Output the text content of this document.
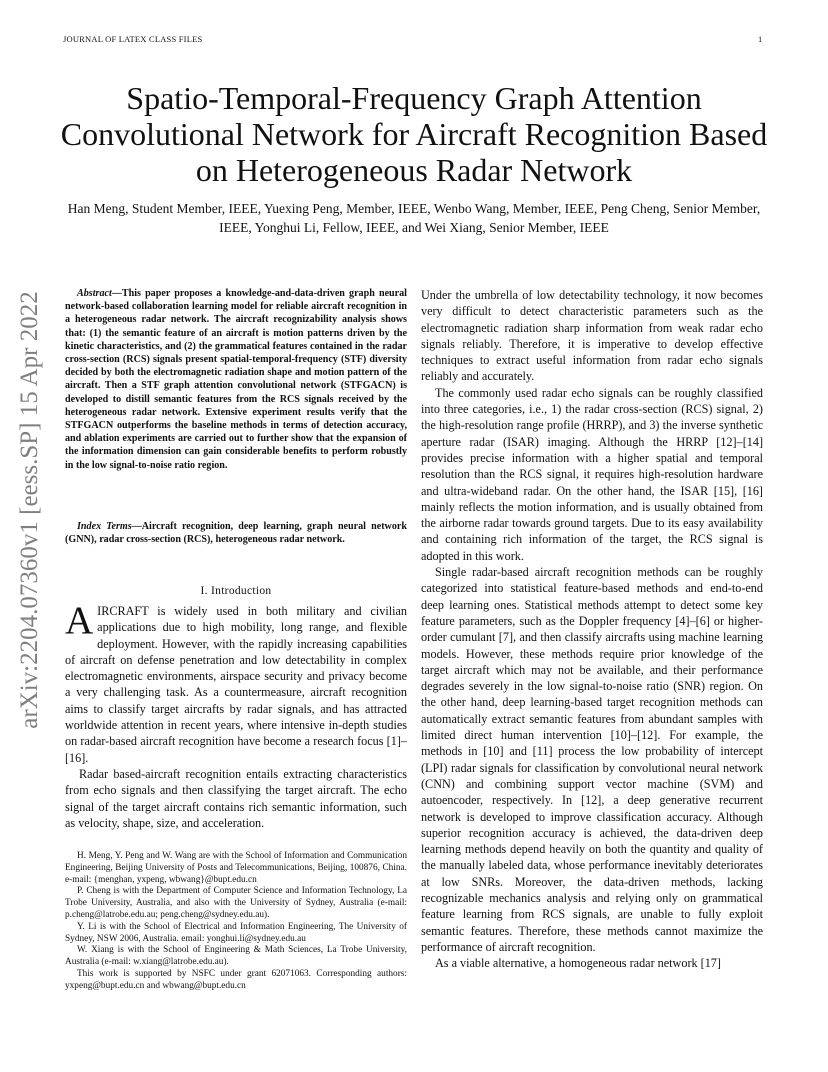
JOURNAL OF LATEX CLASS FILES	1
arXiv:2204.07360v1 [eess.SP] 15 Apr 2022
Spatio-Temporal-Frequency Graph Attention Convolutional Network for Aircraft Recognition Based on Heterogeneous Radar Network
Han Meng, Student Member, IEEE, Yuexing Peng, Member, IEEE, Wenbo Wang, Member, IEEE, Peng Cheng, Senior Member, IEEE, Yonghui Li, Fellow, IEEE, and Wei Xiang, Senior Member, IEEE
Abstract—This paper proposes a knowledge-and-data-driven graph neural network-based collaboration learning model for reliable aircraft recognition in a heterogeneous radar network. The aircraft recognizability analysis shows that: (1) the semantic feature of an aircraft is motion patterns driven by the kinetic characteristics, and (2) the grammatical features contained in the radar cross-section (RCS) signals present spatial-temporal-frequency (STF) diversity decided by both the electromagnetic radiation shape and motion pattern of the aircraft. Then a STF graph attention convolutional network (STFGACN) is developed to distill semantic features from the RCS signals received by the heterogeneous radar network. Extensive experiment results verify that the STFGACN outperforms the baseline methods in terms of detection accuracy, and ablation experiments are carried out to further show that the expansion of the information dimension can gain considerable benefits to perform robustly in the low signal-to-noise ratio region.
Index Terms—Aircraft recognition, deep learning, graph neural network (GNN), radar cross-section (RCS), heterogeneous radar network.
I. Introduction

AIRCRAFT is widely used in both military and civilian applications due to high mobility, long range, and flexible deployment. However, with the rapidly increasing capabilities of aircraft on defense penetration and low detectability in complex electromagnetic environments, airspace security and privacy become a very challenging task. As a countermeasure, aircraft recognition aims to classify target aircrafts by radar signals, and has attracted worldwide attention in recent years, where intensive in-depth studies on radar-based aircraft recognition have become a research focus [1]–[16].

Radar based-aircraft recognition entails extracting characteristics from echo signals and then classifying the target aircraft. The echo signal of the target aircraft contains rich semantic information, such as velocity, shape, size, and acceleration.

H. Meng, Y. Peng and W. Wang are with the School of Information and Communication Engineering, Beijing University of Posts and Telecommunications, Beijing, 100876, China. e-mail: {menghan, yxpeng, wbwang}@bupt.edu.cn

P. Cheng is with the Department of Computer Science and Information Technology, La Trobe University, Australia, and also with the University of Sydney, Australia (e-mail: p.cheng@latrobe.edu.au; peng.cheng@sydney.edu.au).

Y. Li is with the School of Electrical and Information Engineering, The University of Sydney, NSW 2006, Australia. email: yonghui.li@sydney.edu.au

W. Xiang is with the School of Engineering & Math Sciences, La Trobe University, Australia (e-mail: w.xiang@latrobe.edu.au).

This work is supported by NSFC under grant 62071063. Corresponding authors: yxpeng@bupt.edu.cn and wbwang@bupt.edu.cn

Under the umbrella of low detectability technology, it now becomes very difficult to detect characteristic parameters such as the electromagnetic radiation sharp information from weak radar echo signals reliably. Therefore, it is imperative to develop effective techniques to extract useful information from radar echo signals reliably and accurately.

The commonly used radar echo signals can be roughly classified into three categories, i.e., 1) the radar cross-section (RCS) signal, 2) the high-resolution range profile (HRRP), and 3) the inverse synthetic aperture radar (ISAR) imaging. Although the HRRP [12]–[14] provides precise information with a higher spatial and temporal resolution than the RCS signal, it requires high-resolution hardware and ultra-wideband radar. On the other hand, the ISAR [15], [16] mainly reflects the motion information, and is usually obtained from the airborne radar towards ground targets. Due to its easy availability and containing rich information of the target, the RCS signal is adopted in this work.

Single radar-based aircraft recognition methods can be roughly categorized into statistical feature-based methods and end-to-end deep learning ones. Statistical methods attempt to detect some key feature parameters, such as the Doppler frequency [4]–[6] or higher-order cumulant [7], and then classify aircrafts using machine learning models. However, these methods require prior knowledge of the target aircraft which may not be available, and their performance degrades severely in the low signal-to-noise ratio (SNR) region. On the other hand, deep learning-based target recognition methods can automatically extract semantic features from abundant samples with limited direct human intervention [10]–[12]. For example, the methods in [10] and [11] process the low probability of intercept (LPI) radar signals for classification by convolutional neural network (CNN) and combining support vector machine (SVM) and autoencoder, respectively. In [12], a deep generative recurrent network is developed to improve classification accuracy. Although superior recognition accuracy is achieved, the data-driven deep learning methods depend heavily on both the quantity and quality of the manually labeled data, whose performance inevitably deteriorates at low SNRs. Moreover, the data-driven methods, lacking recognizable mechanics analysis and relying only on grammatical feature learning from RCS signals, are unable to fully exploit semantic features. Therefore, these methods cannot maximize the performance of aircraft recognition.

As a viable alternative, a homogeneous radar network [17]
